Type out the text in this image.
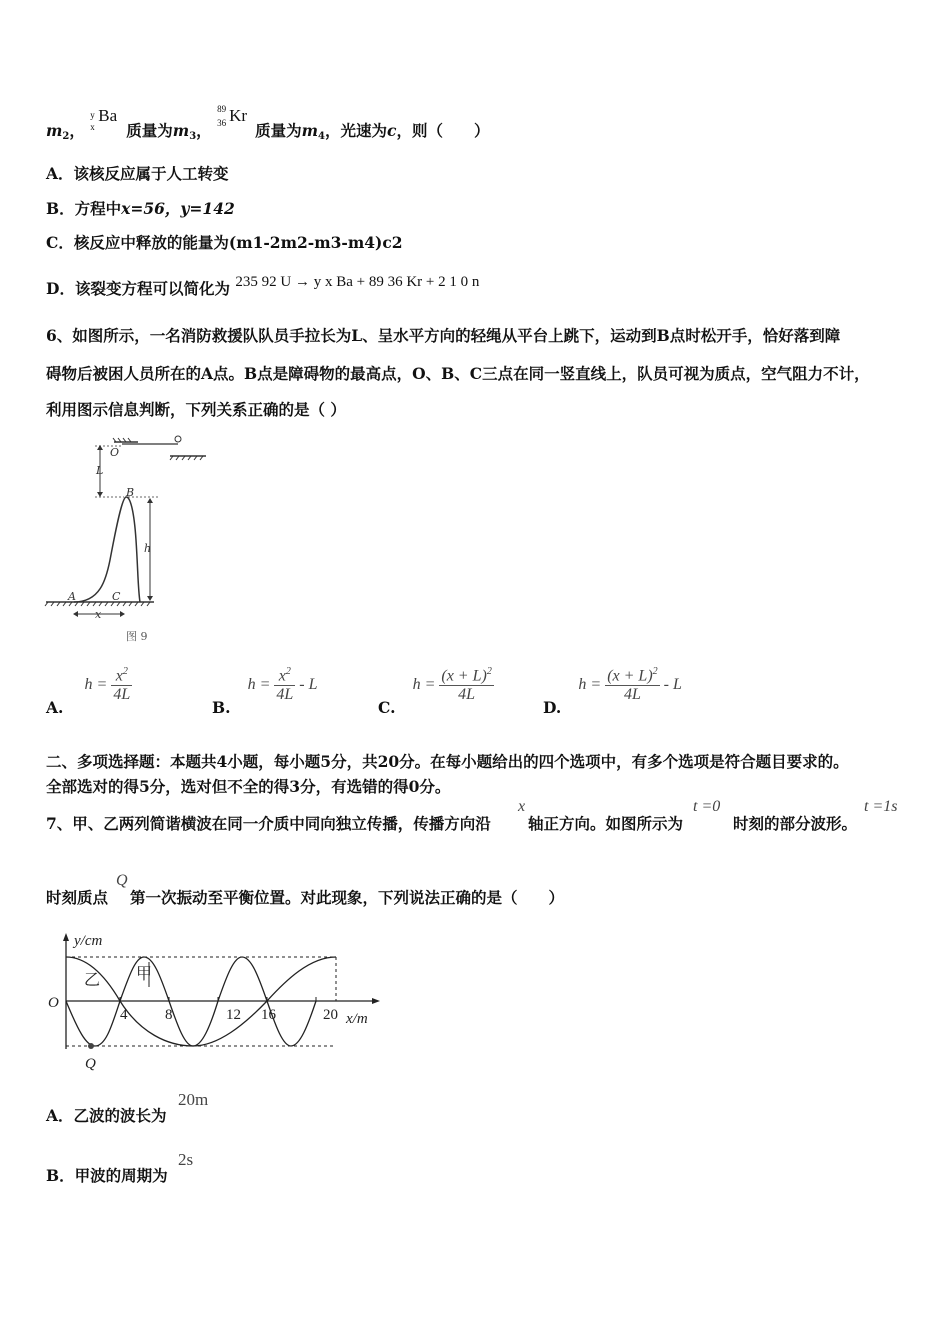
$m_2$，
y
x
Ba
质量为$m_3$，
89
36 Kr
质量为$m_4$，光速为c，则（　　）
A．该核反应属于人工转变
B．方程中x=56，y=142
C．核反应中释放的能量为(m1-2m2-m3-m4)c2
D．该裂变方程可以简化为 235 92 U → y x Ba + 89 36 Kr + 2 1 0 n
6、如图所示，一名消防救援队队员手拉长为L、呈水平方向的轻绳从平台上跳下，运动到B点时松开手，恰好落到障
碍物后被困人员所在的A点。B点是障碍物的最高点，O、B、C三点在同一竖直线上，队员可视为质点，空气阻力不计，
利用图示信息判断，下列关系正确的是（ ）
O
L
B
h
A	C
x
图 9
A. $h = \frac{x^2}{4L}$
B. $h = \frac{x^2}{4L} - L$
C. $h = \frac{(x + L)^2}{4L}$
D. $h = \frac{(x + L)^2}{4L} - L$
二、多项选择题：本题共4小题，每小题5分，共20分。在每小题给出的四个选项中，有多个选项是符合题目要求的。
全部选对的得5分，选对但不全的得3分，有选错的得0分。
7、甲、乙两列简谐横波在同一介质中同向独立传播，传播方向沿
x
轴正方向。如图所示为
t =0
时刻的部分波形。
t =1s
时刻质点
Q
第一次振动至平衡位置。对此现象，下列说法正确的是（　　）
y/cm
x/m
O
4	8	12 16	20
乙 甲
Q
A．乙波的波长为
20m
B．甲波的周期为
2s
